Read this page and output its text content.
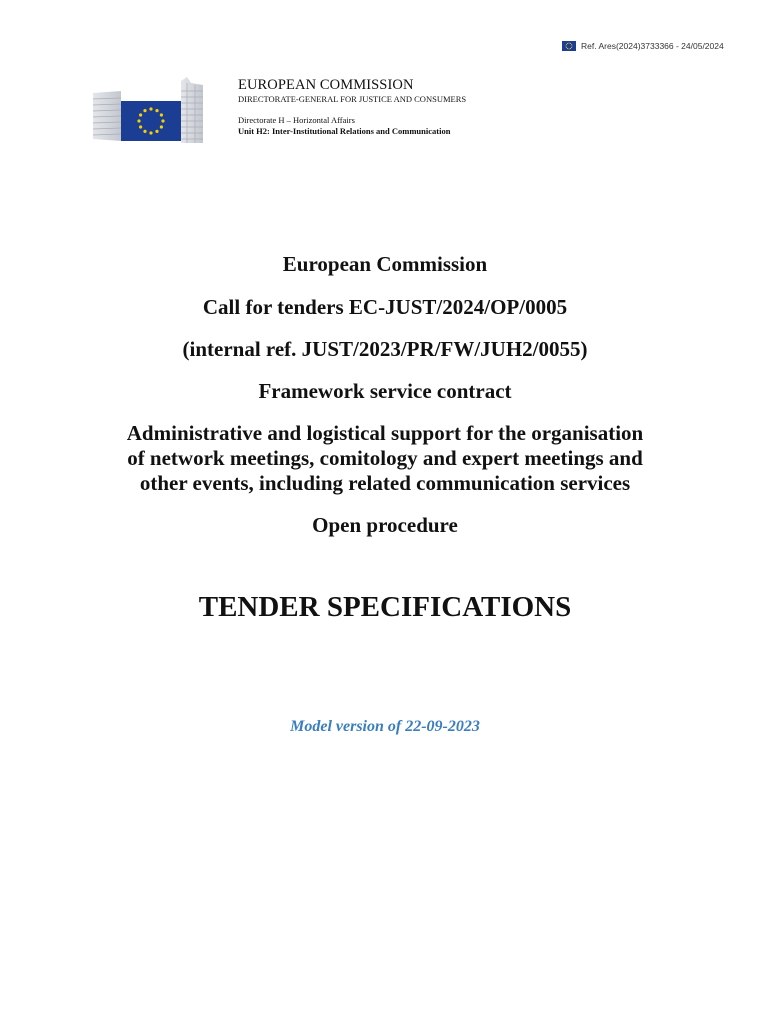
Ref. Ares(2024)3733366 - 24/05/2024
EUROPEAN COMMISSION
DIRECTORATE-GENERAL FOR JUSTICE AND CONSUMERS
Directorate H – Horizontal Affairs
Unit H2: Inter-Institutional Relations and Communication
European Commission
Call for tenders EC-JUST/2024/OP/0005
(internal ref. JUST/2023/PR/FW/JUH2/0055)
Framework service contract
Administrative and logistical support for the organisation
of network meetings, comitology and expert meetings and
other events, including related communication services
Open procedure
TENDER SPECIFICATIONS
Model version of 22-09-2023
